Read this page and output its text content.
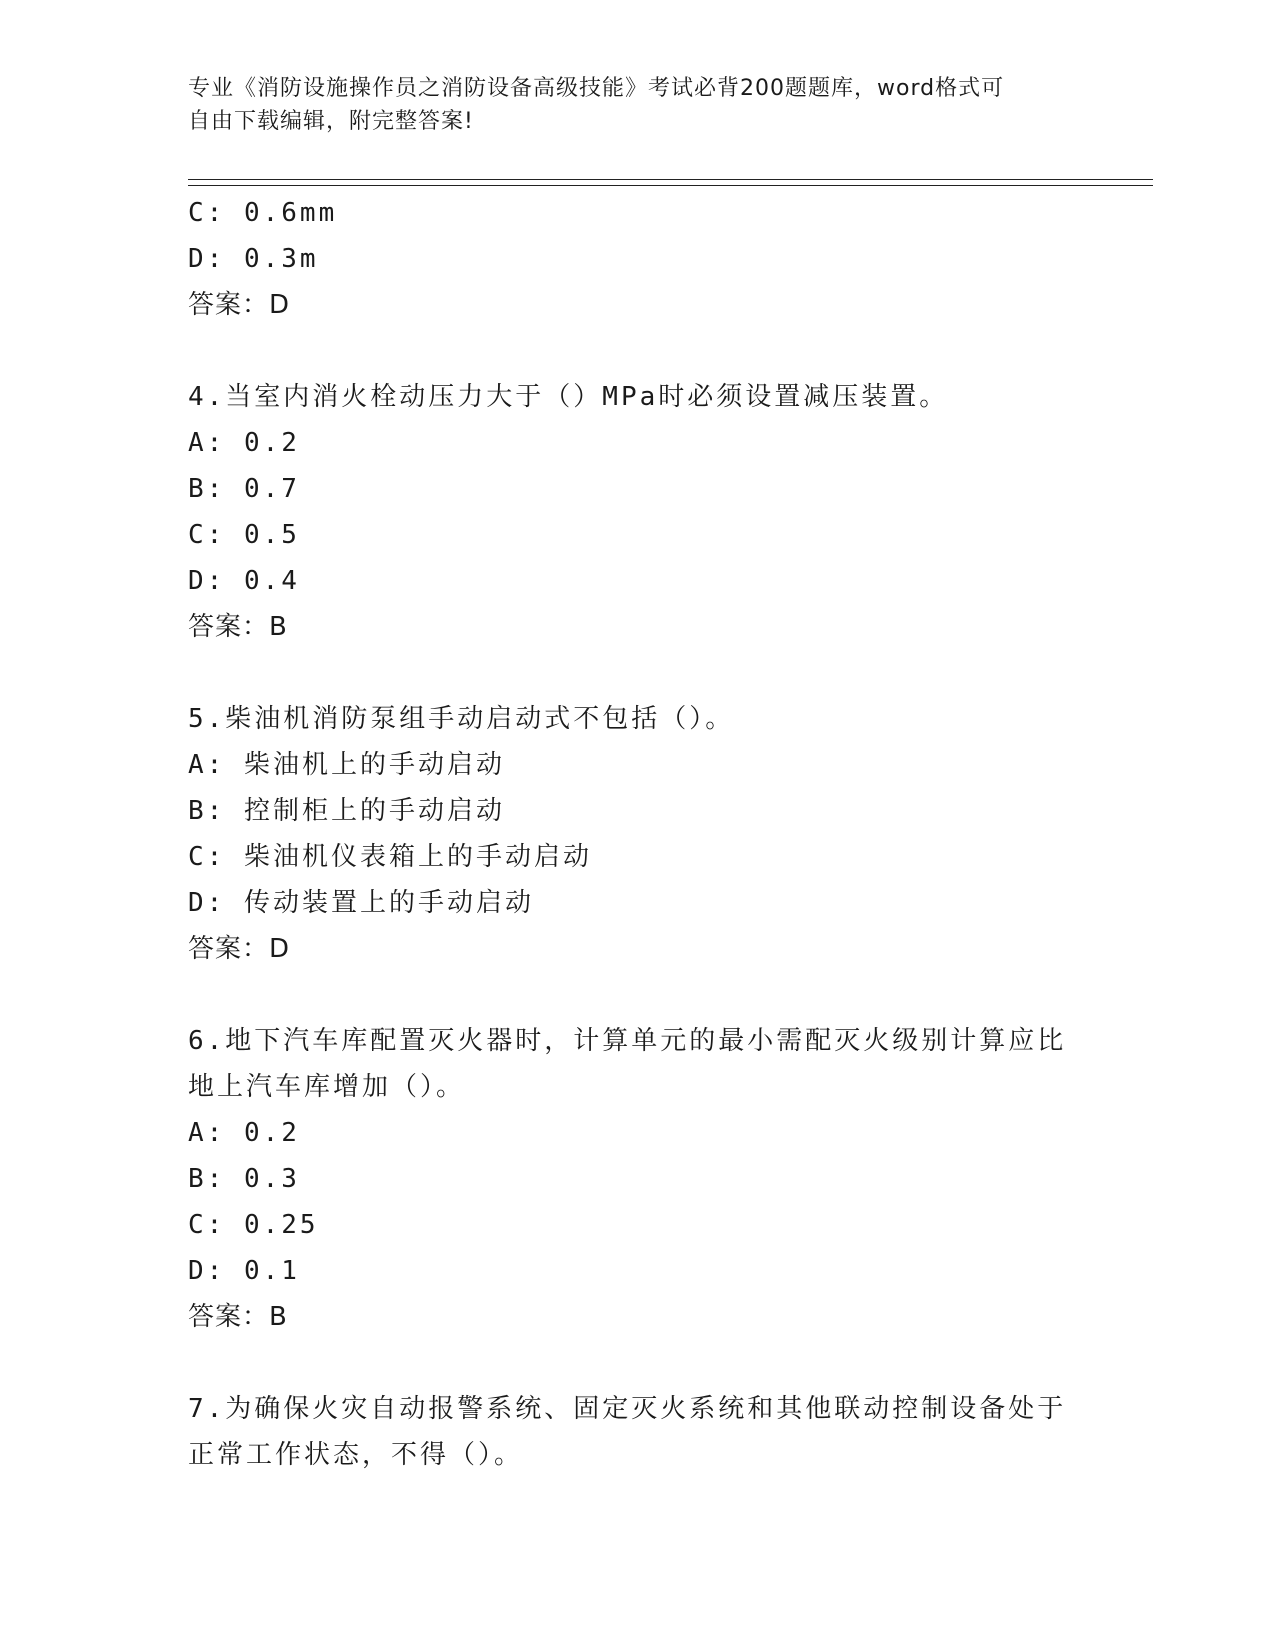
专业《消防设施操作员之消防设备高级技能》考试必背200题题库，word格式可
自由下载编辑，附完整答案!
C: 0.6mm
D: 0.3m
答案：D
4.当室内消火栓动压力大于（）MPa时必须设置减压装置。
A: 0.2
B: 0.7
C: 0.5
D: 0.4
答案：B
5.柴油机消防泵组手动启动式不包括（）。
A: 柴油机上的手动启动
B: 控制柜上的手动启动
C: 柴油机仪表箱上的手动启动
D: 传动装置上的手动启动
答案：D
6.地下汽车库配置灭火器时，计算单元的最小需配灭火级别计算应比
地上汽车库增加（）。
A: 0.2
B: 0.3
C: 0.25
D: 0.1
答案：B
7.为确保火灾自动报警系统、固定灭火系统和其他联动控制设备处于
正常工作状态，不得（）。
